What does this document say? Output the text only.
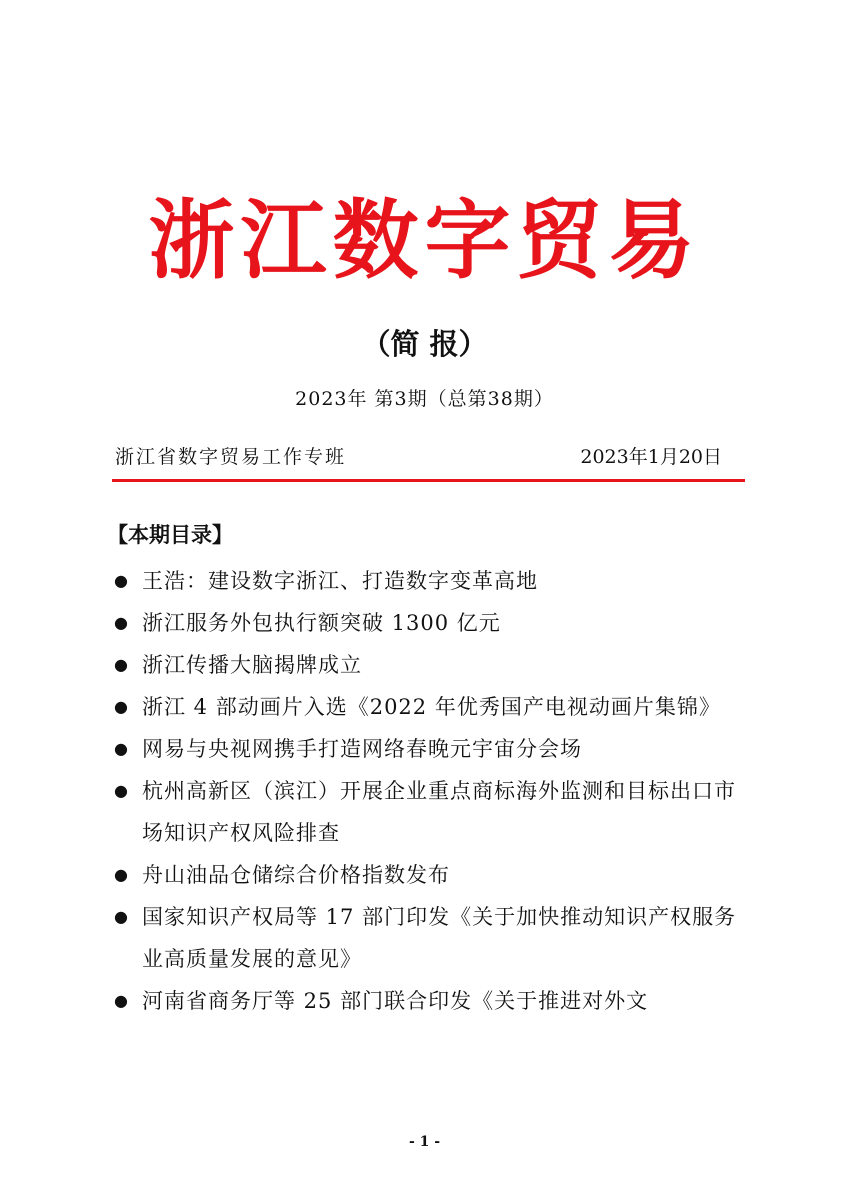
浙江数字贸易
（简 报）
2023年 第3期（总第38期）
浙江省数字贸易工作专班	2023年1月20日
【本期目录】
● 王浩：建设数字浙江、打造数字变革高地
● 浙江服务外包执行额突破 1300 亿元
● 浙江传播大脑揭牌成立
● 浙江 4 部动画片入选《2022 年优秀国产电视动画片集锦》
● 网易与央视网携手打造网络春晚元宇宙分会场
● 杭州高新区（滨江）开展企业重点商标海外监测和目标出口市场知识产权风险排查
● 舟山油品仓储综合价格指数发布
● 国家知识产权局等 17 部门印发《关于加快推动知识产权服务业高质量发展的意见》
● 河南省商务厅等 25 部门联合印发《关于推进对外文
- 1 -
